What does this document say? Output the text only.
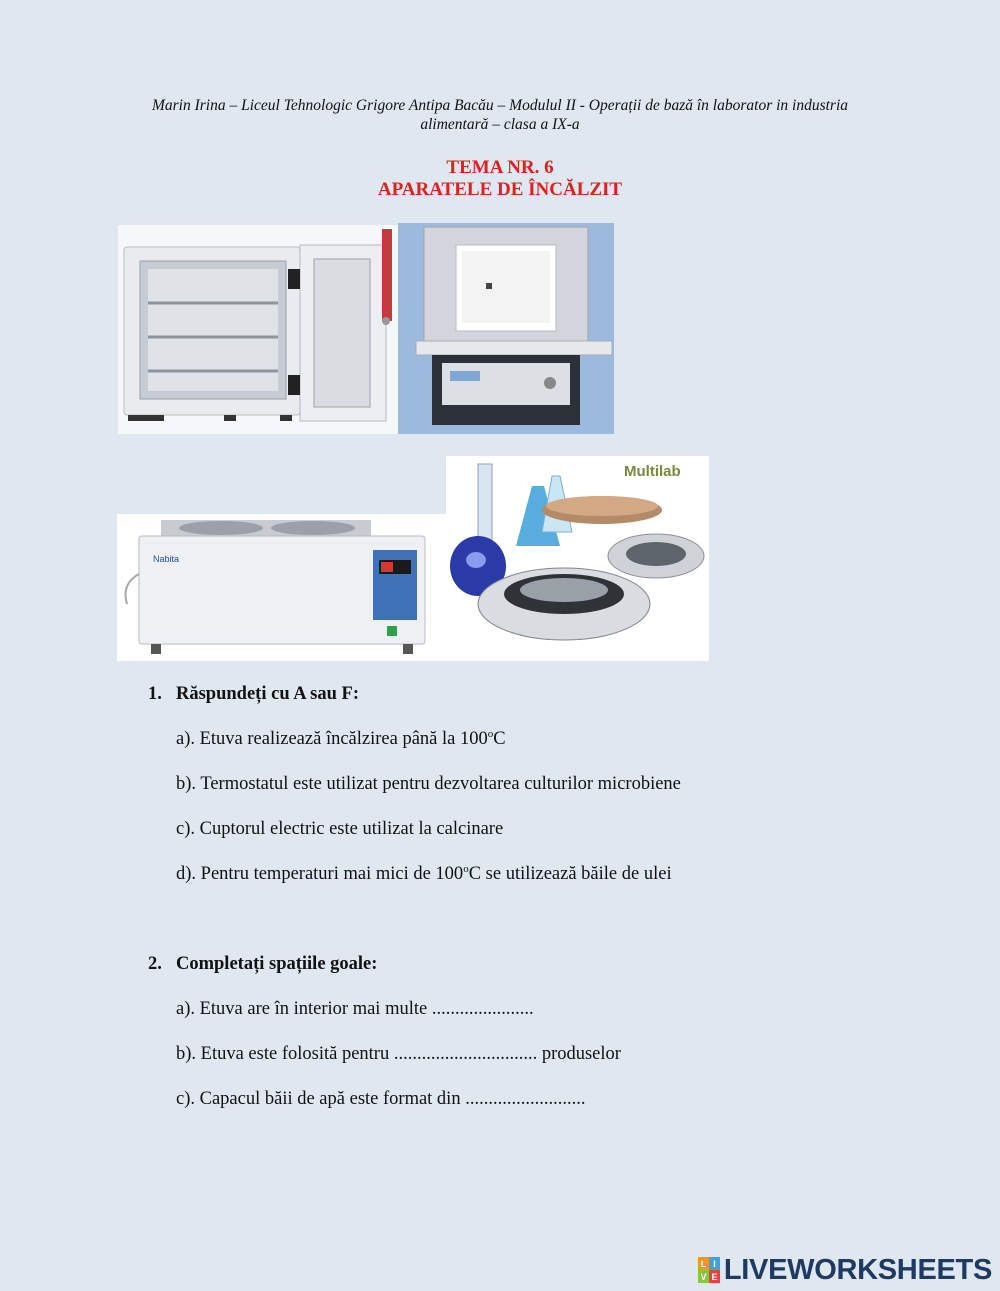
Marin Irina – Liceul Tehnologic Grigore Antipa Bacău – Modulul II - Operații de bază în laborator in industria
alimentară – clasa a IX-a
TEMA NR. 6
APARATELE DE ÎNCĂLZIT
Nabita
Multilab
1. Răspundeți cu A sau F:
a). Etuva realizează încălzirea până la 100$^o$C
b). Termostatul este utilizat pentru dezvoltarea culturilor microbiene
c). Cuptorul electric este utilizat la calcinare
d). Pentru temperaturi mai mici de 100$^o$C se utilizează băile de ulei
2. Completați spațiile goale:
a). Etuva are în interior mai multe ......................
b). Etuva este folosită pentru ............................... produselor
c). Capacul băii de apă este format din ..........................
L I
V E LIVEWORKSHEETS
